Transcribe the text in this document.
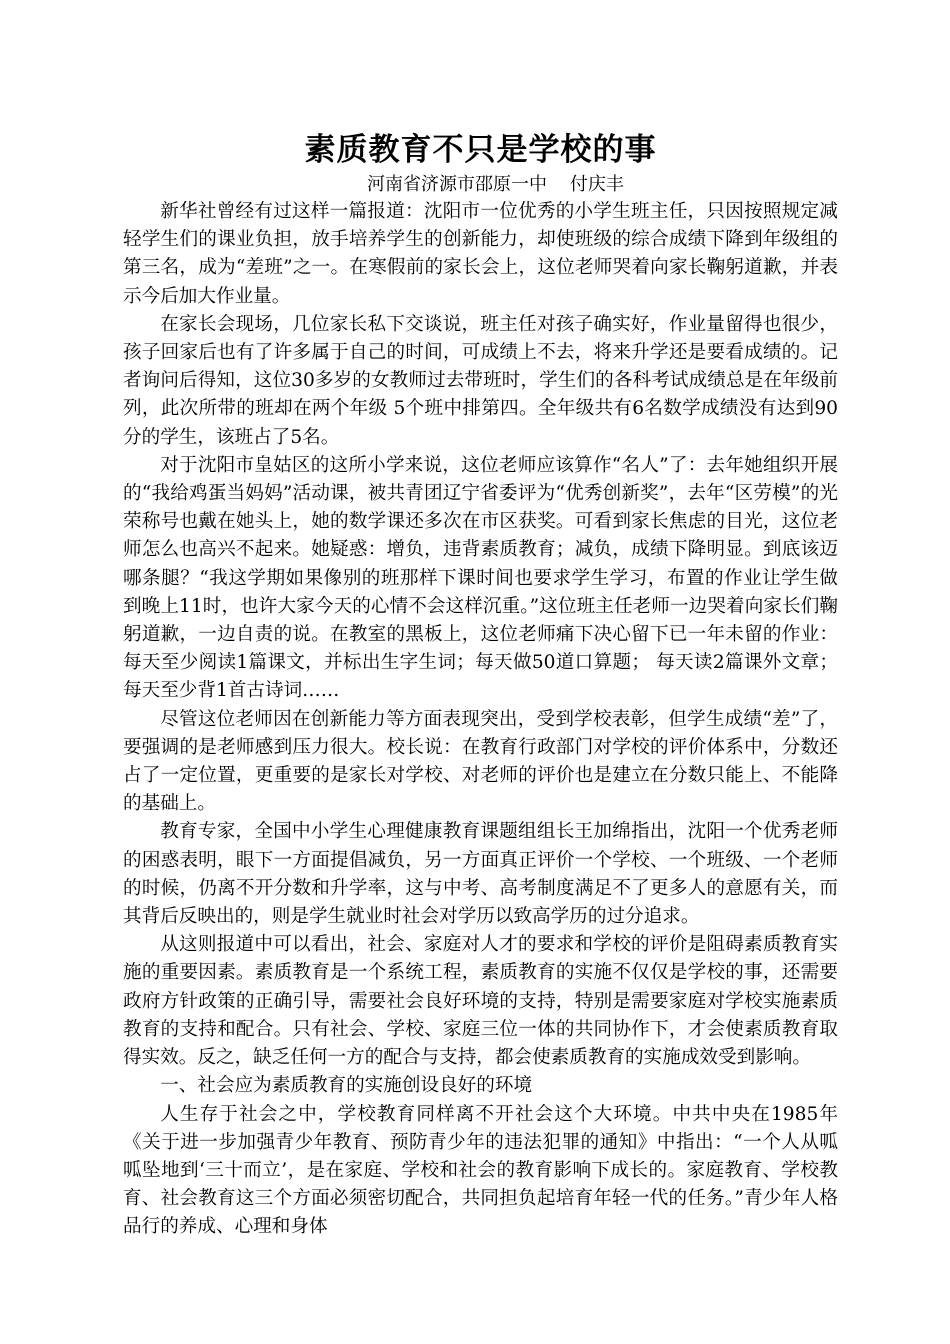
素质教育不只是学校的事

河南省济源市邵原一中    付庆丰

新华社曾经有过这样一篇报道：沈阳市一位优秀的小学生班主任，只因按照规定减轻学生们的课业负担，放手培养学生的创新能力，却使班级的综合成绩下降到年级组的第三名，成为“差班”之一。在寒假前的家长会上，这位老师哭着向家长鞠躬道歉，并表示今后加大作业量。

在家长会现场，几位家长私下交谈说，班主任对孩子确实好，作业量留得也很少，孩子回家后也有了许多属于自己的时间，可成绩上不去，将来升学还是要看成绩的。记者询问后得知，这位30多岁的女教师过去带班时，学生们的各科考试成绩总是在年级前列，此次所带的班却在两个年级 5个班中排第四。全年级共有6名数学成绩没有达到90分的学生，该班占了5名。

对于沈阳市皇姑区的这所小学来说，这位老师应该算作“名人”了：去年她组织开展的“我给鸡蛋当妈妈”活动课，被共青团辽宁省委评为“优秀创新奖”，去年“区劳模”的光荣称号也戴在她头上，她的数学课还多次在市区获奖。可看到家长焦虑的目光，这位老师怎么也高兴不起来。她疑惑：增负，违背素质教育；减负，成绩下降明显。到底该迈哪条腿？“我这学期如果像别的班那样下课时间也要求学生学习，布置的作业让学生做到晚上11时，也许大家今天的心情不会这样沉重。”这位班主任老师一边哭着向家长们鞠躬道歉，一边自责的说。在教室的黑板上，这位老师痛下决心留下已一年未留的作业：每天至少阅读1篇课文，并标出生字生词；每天做50道口算题； 每天读2篇课外文章；每天至少背1首古诗词……

尽管这位老师因在创新能力等方面表现突出，受到学校表彰，但学生成绩“差”了，要强调的是老师感到压力很大。校长说：在教育行政部门对学校的评价体系中，分数还占了一定位置，更重要的是家长对学校、对老师的评价也是建立在分数只能上、不能降的基础上。

教育专家，全国中小学生心理健康教育课题组组长王加绵指出，沈阳一个优秀老师的困惑表明，眼下一方面提倡减负，另一方面真正评价一个学校、一个班级、一个老师的时候，仍离不开分数和升学率，这与中考、高考制度满足不了更多人的意愿有关，而其背后反映出的，则是学生就业时社会对学历以致高学历的过分追求。

从这则报道中可以看出，社会、家庭对人才的要求和学校的评价是阻碍素质教育实施的重要因素。素质教育是一个系统工程，素质教育的实施不仅仅是学校的事，还需要政府方针政策的正确引导，需要社会良好环境的支持，特别是需要家庭对学校实施素质教育的支持和配合。只有社会、学校、家庭三位一体的共同协作下，才会使素质教育取得实效。反之，缺乏任何一方的配合与支持，都会使素质教育的实施成效受到影响。

一、社会应为素质教育的实施创设良好的环境

人生存于社会之中，学校教育同样离不开社会这个大环境。中共中央在1985年《关于进一步加强青少年教育、预防青少年的违法犯罪的通知》中指出：“一个人从呱呱坠地到‘三十而立’，是在家庭、学校和社会的教育影响下成长的。家庭教育、学校教育、社会教育这三个方面必须密切配合，共同担负起培育年轻一代的任务。”青少年人格品行的养成、心理和身体
